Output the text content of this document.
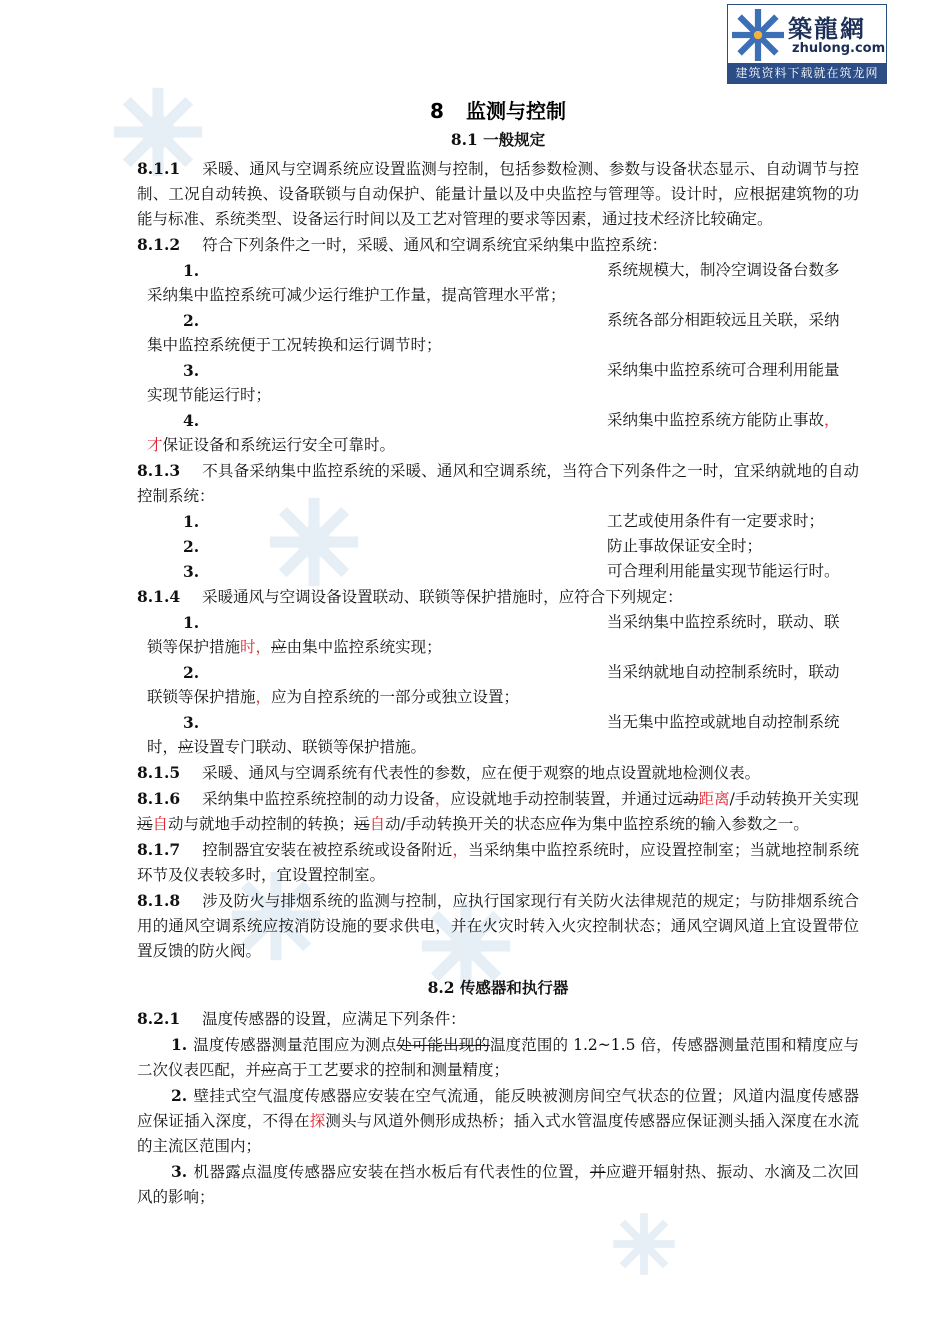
築龍網
zhulong.com
建筑资料下载就在筑龙网
8 监测与控制
8.1 一般规定
8.1.1 采暖、通风与空调系统应设置监测与控制，包括参数检测、参数与设备状态显示、自动调节与控制、工况自动转换、设备联锁与自动保护、能量计量以及中央监控与管理等。设计时，应根据建筑物的功能与标准、系统类型、设备运行时间以及工艺对管理的要求等因素，通过技术经济比较确定。
8.1.2 符合下列条件之一时，采暖、通风和空调系统宜采纳集中监控系统：
1.	系统规模大，制冷空调设备台数多
采纳集中监控系统可减少运行维护工作量，提高管理水平常；
2.	系统各部分相距较远且关联，采纳
集中监控系统便于工况转换和运行调节时；
3.	采纳集中监控系统可合理利用能量
实现节能运行时；
4.	采纳集中监控系统方能防止事故，
才保证设备和系统运行安全可靠时。
8.1.3 不具备采纳集中监控系统的采暖、通风和空调系统，当符合下列条件之一时，宜采纳就地的自动控制系统：
1.	工艺或使用条件有一定要求时；
2.	防止事故保证安全时；
3.	可合理利用能量实现节能运行时。
8.1.4 采暖通风与空调设备设置联动、联锁等保护措施时，应符合下列规定：
1.	当采纳集中监控系统时，联动、联
锁等保护措施时，应由集中监控系统实现；
2.	当采纳就地自动控制系统时，联动
联锁等保护措施，应为自控系统的一部分或独立设置；
3.	当无集中监控或就地自动控制系统
时，应设置专门联动、联锁等保护措施。
8.1.5 采暖、通风与空调系统有代表性的参数，应在便于观察的地点设置就地检测仪表。
8.1.6 采纳集中监控系统控制的动力设备，应设就地手动控制装置，并通过远动距离/手动转换开关实现远自动与就地手动控制的转换；远自动/手动转换开关的状态应作为集中监控系统的输入参数之一。
8.1.7 控制器宜安装在被控系统或设备附近，当采纳集中监控系统时，应设置控制室；当就地控制系统环节及仪表较多时，宜设置控制室。
8.1.8 涉及防火与排烟系统的监测与控制，应执行国家现行有关防火法律规范的规定；与防排烟系统合用的通风空调系统应按消防设施的要求供电，并在火灾时转入火灾控制状态；通风空调风道上宜设置带位置反馈的防火阀。
8.2 传感器和执行器
8.2.1 温度传感器的设置，应满足下列条件：
1. 温度传感器测量范围应为测点处可能出现的温度范围的 1.2~1.5 倍，传感器测量范围和精度应与二次仪表匹配，并应高于工艺要求的控制和测量精度；
2. 壁挂式空气温度传感器应安装在空气流通，能反映被测房间空气状态的位置；风道内温度传感器应保证插入深度，不得在探测头与风道外侧形成热桥；插入式水管温度传感器应保证测头插入深度在水流的主流区范围内；
3. 机器露点温度传感器应安装在挡水板后有代表性的位置，并应避开辐射热、振动、水滴及二次回风的影响；
